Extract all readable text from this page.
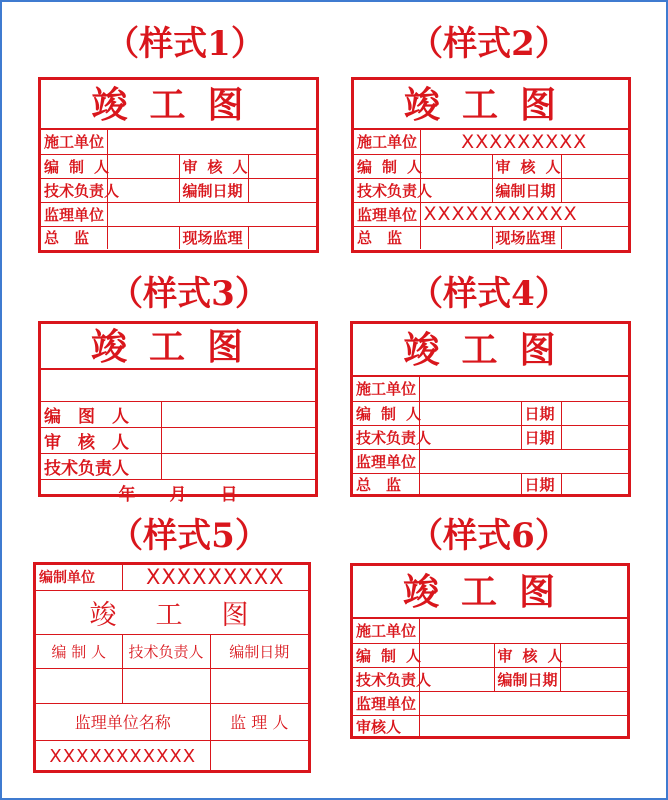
（样式1）
竣工图
施工单位			
编制人		审核人	
技术负责人		编制日期	
监理单位			
总　监		现场监理	
（样式2）
竣工图
施工单位	XXXXXXXXX		
编制人		审核人	
技术负责人		编制日期	
监理单位	XXXXXXXXXXX		
总　监		现场监理	
（样式3）
竣工图

编　图　人	
审　核　人	
技术负责人	
年　　月　　日	
（样式4）
竣工图
施工单位			
编制人		日期	
技术负责人		日期	
监理单位			
总　监		日期	
（样式5）
编制单位	XXXXXXXXX	
竣　工　图		
编 制 人	技术负责人	编制日期

监理单位名称		监 理 人
XXXXXXXXXXX		
（样式6）
竣工图
施工单位			
编制人		审核人	
技术负责人		编制日期	
监理单位			
审核人			
